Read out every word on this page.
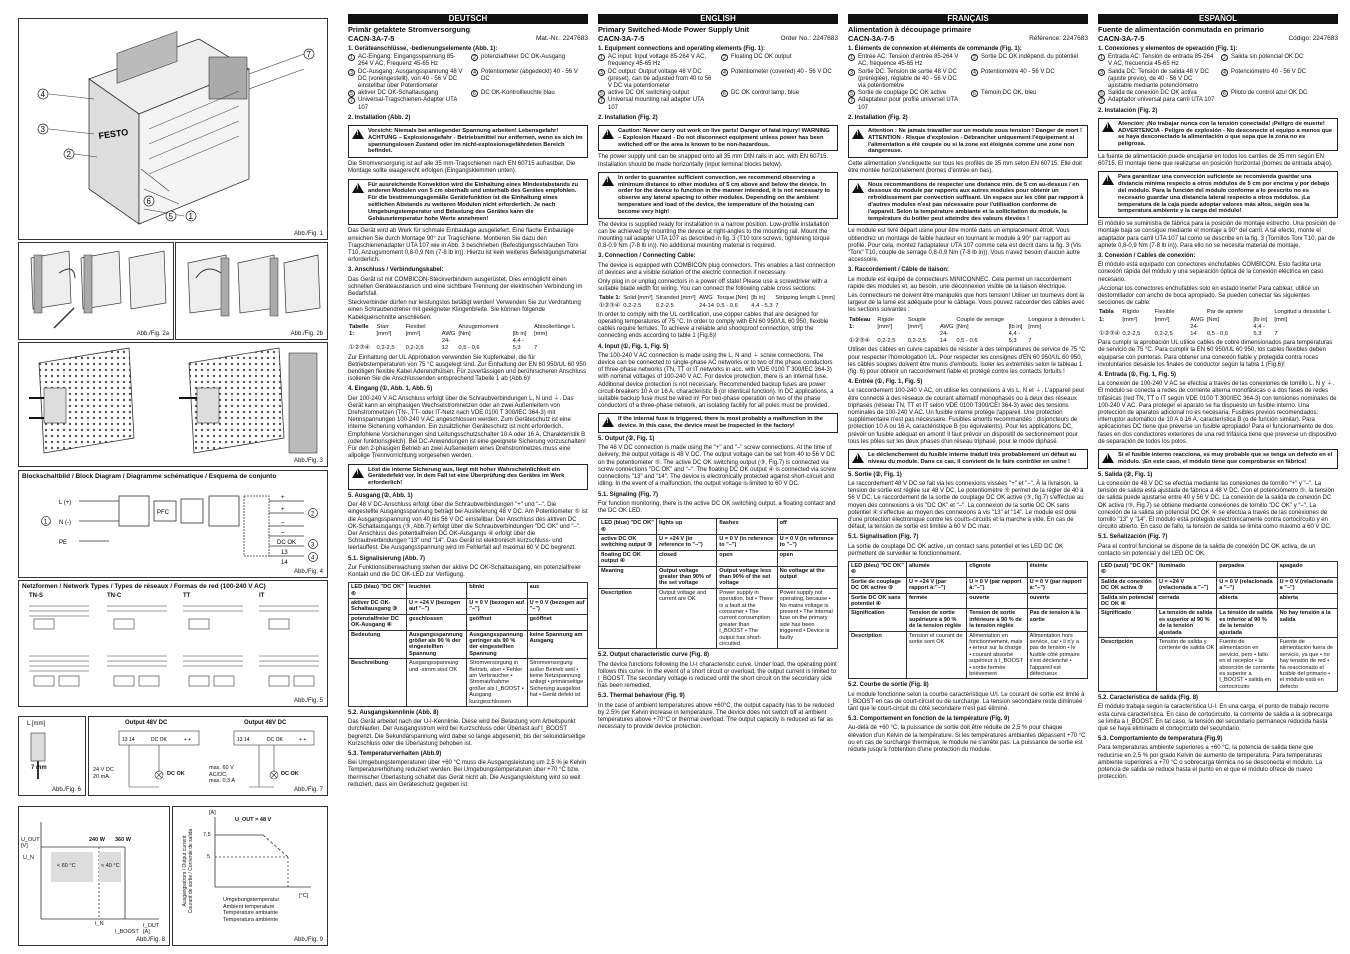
FESTO
4
3
2
6
5 1
7
Abb./Fig. 1
Abb./Fig. 2a	Abb./Fig. 2b
Abb./Fig. 3
Blockschaltbild / Block Diagram / Diagramme schématique / Esquema de conjunto
L (+)
N (-)
PE
1
PFC
+
+
–
–
DC OK
13
14
2
3
4
Abb./Fig. 4
Netzformen / Network Types / Types de réseaux / Formas de red (100-240 V AC)
TN-S	TN-C	TT	IT
Abb./Fig. 5
L [mm]
7 mm
Abb./Fig. 6
Output 48V DC	Output 48V DC
13 14	DC OK	+ +	13 14	DC OK	+ +
DC OK	DC OK
24 V DC
20 mA
max. 60 V
AC/DC,
max. 0,3 A
Abb./Fig. 7
U_OUT [V]
U_N
240 W 360 W
< 60 °C	< 40 °C
I_OUT [A]
I_N
I_BOOST
Abb./Fig. 8
Ausgangsstrom / Output current
Courant de sortie / Corriente de salida
[A]
U_OUT = 48 V
7,5
5
[°C]
Umgebungstemperatur
Ambient temperature
Température ambiante
Temperatura ambiente
Abb./Fig. 9
DEUTSCH
Primär getaktete Stromversorgung
CACN-3A-7-5	Mat.-Nr.: 2247683
1. Geräteanschlüsse, -bedienungselemente (Abb. 1):
1 AC-Eingang: Eingangsspannung 85-264 V AC, Frequenz 45-65 Hz
2 potenzialfreier DC OK-Ausgang
3 DC-Ausgang: Ausgangsspannung 48 V DC (voreingestellt), von 40 - 56 V DC einstellbar über Potentiometer
4 Potentiometer (abgedeckt) 40 - 56 V DC
5 aktiver DC OK-Schaltausgang	6 DC OK-Kontrollleuchte blau
7 Universal-Tragschienen-Adapter UTA 107
2. Installation (Abb. 2)
!
Vorsicht: Niemals bei anliegender Spannung arbeiten! Lebensgefahr! ACHTUNG – Explosionsgefahr - Betriebsmittel nur entfernen, wenn es sich im spannungslosen Zustand oder im nicht-explosionsgefährdeten Bereich befindet.

Die Stromversorgung ist auf alle 35 mm-Tragschienen nach EN 60715 aufrastbar. Die Montage sollte waagerecht erfolgen (Eingangsklemmen unten).

!
Für ausreichende Konvektion wird die Einhaltung eines Mindestabstands zu anderen Modulen von 5 cm oberhalb und unterhalb des Gerätes empfohlen. Für die bestimmungsgemäße Gerätefunktion ist die Einhaltung eines seitlichen Abstands zu weiteren Modulen nicht erforderlich. Je nach Umgebungstemperatur und Belastung des Gerätes kann die Gehäusetemperatur hohe Werte annehmen!

Das Gerät wird ab Werk für schmale Einbaulage ausgeliefert. Eine flache Einbaulage erreichen Sie durch Montage 90° zur Tragschiene. Montieren Sie dazu den Tragschienenadapter UTA 107 wie in Abb. 3 beschrieben (Befestigungsschrauben Torx T10, Anzugsmoment 0,8-0,9 Nm (7-8 lb in)). Hierzu ist kein weiteres Befestigungsmaterial erforderlich.

3. Anschluss / Verbindungskabel:

Das Gerät ist mit COMBICON-Steckverbindern ausgerüstet. Dies ermöglicht einen schnellen Geräteaustausch und eine sichtbare Trennung der elektrischen Verbindung im Bedarfsfall.

Steckverbinder dürfen nur leistungslos betätigt werden! Verwenden Sie zur Verdrahtung einen Schraubendreher mit geeigneter Klingenbreite. Sie können folgende Kabelquerschnitte anschließen:

Tabelle 1:	Starr [mm²]	Flexibel [mm²]	AWG	Anzugsmoment [Nm]	[lb in]	Abisolierlänge L [mm]
①②③④	0,2-2,5	0,2-2,5	24-12	0,5 - 0,6	4,4 - 5,3	7

Zur Einhaltung der UL Approbation verwenden Sie Kupferkabel, die für Betriebstemperaturen von 75 °C ausgelegt sind. Zur Einhaltung der EN 60 950/UL 60 950 benötigen flexible Kabel Aderendhülsen. Für zuverlässigen und berührsicheren Anschluss isolieren Sie die Anschlussenden entsprechend Tabelle 1 ab (Abb.6)!

4. Eingang (①, Abb. 1, Abb. 5)

Der 100-240 V AC Anschluss erfolgt über die Schraubverbindungen L, N und ⏚. Das Gerät kann an einphasigen Wechselstromnetzen oder an zwei Außenleitern von Drehstromnetzen (TN-, TT- oder IT-Netz nach VDE 0100 T 300/IEC 364-3) mit Nennspannungen 100-240 V AC angeschlossen werden. Zum Geräteschutz ist eine interne Sicherung vorhanden. Ein zusätzlicher Geräteschutz ist nicht erforderlich. Empfohlene Vorsicherungen sind Leitungsschutzschalter 10 A oder 16 A, Charakteristik B (oder funktionsgleich). Bei DC-Anwendungen ist eine geeignete Sicherung vorzuschalten! Für den 2-phasigen Betrieb an zwei Außenleitern eines Drehstromnetzes muss eine allpolige Trennvorrichtung vorgesehen werden.

!
Löst die interne Sicherung aus, liegt mit hoher Wahrscheinlichkeit ein Gerätedefekt vor. In dem Fall ist eine Überprüfung des Gerätes im Werk erforderlich!
5. Ausgang (②, Abb. 1)

Der 48 V DC-Anschluss erfolgt über die Schraubverbindungen "+" und "–". Die eingestellte Ausgangsspannung beträgt bei Auslieferung 48 V DC. Am Potentiometer ⑤ ist die Ausgangsspannung von 40 bis 56 V DC einstellbar. Der Anschluss des aktiven DC OK-Schaltausgangs (③, Abb.7) erfolgt über die Schraubverbindungen "DC OK" und "–". Der Anschluss des potentialfreien DC OK-Ausgangs ④ erfolgt über die Schraubverbindungen "13" und "14". Das Gerät ist elektronisch kurzschluss- und leerlauffest. Die Ausgangsspannung wird im Fehlerfall auf maximal 60 V DC begrenzt.

5.1. Signalisierung (Abb. 7)

Zur Funktionsüberwachung stehen der aktive DC OK-Schaltausgang, ein potenzialfreier Kontakt und die DC OK-LED zur Verfügung.

LED (blau) "DC OK" ⑥	leuchtet	blinkt	aus
aktiver DC OK-Schaltausgang ③	U = +24 V (bezogen auf "–")	U = 0 V (bezogen auf "–")	U = 0 V (bezogen auf "–")
potenzialfreier DC OK-Ausgang ④	geschlossen	geöffnet	geöffnet
Bedeutung	Ausgangsspannung größer als 90 % der eingestellten Spannung	Ausgangsspannung geringer als 90 % der eingestellten Spannung	keine Spannung am Ausgang
Beschreibung	Ausgangsspannung und -strom sind OK	Stromversorgung in Betrieb, aber • Fehler am Verbraucher • Stromaufnahme größer als I_BOOST • Ausgang kurzgeschlossen	Stromversorgung außer Betrieb weil • keine Netzspannung anliegt • primärseitige Sicherung ausgelöst hat • Gerät defekt ist
5.2. Ausgangskennlinie (Abb. 8)

Das Gerät arbeitet nach der U-I-Kennlinie. Diese wird bei Belastung vom Arbeitspunkt durchlaufen. Der Ausgangsstrom wird bei Kurzschluss oder Überlast auf I_BOOST begrenzt. Die Sekundärspannung wird dabei so lange abgesenkt, bis der sekundärseitige Kurzschluss oder die Überlastung behoben ist.

5.3. Temperaturverhalten (Abb.9)

Bei Umgebungstemperaturen über +60 °C muss die Ausgangsleistung um 2,5 % je Kelvin Temperaturerhöhung reduziert werden. Bei Umgebungstemperaturen über +70 °C bzw. thermischer Überlastung schaltet das Gerät nicht ab. Die Ausgangsleistung wird so weit reduziert, dass ein Geräteschutz gegeben ist.

ENGLISH
Primary Switched-Mode Power Supply Unit
CACN-3A-7-5	Order No.: 2247683
1. Equipment connections and operating elements (Fig. 1):
1 AC input: Input voltage 85-264 V AC, frequency 45-65 Hz
2 Floating DC OK output
3 DC output: Output voltage 48 V DC (preset), can be adjusted from 40 to 56 V DC via potentiometer
4 Potentiometer (covered) 40 - 56 V DC
5 active DC OK switching output	6 DC OK control lamp, blue
7 Universal mounting rail adapter UTA 107
2. Installation (Fig. 2)
!
Caution: Never carry out work on live parts! Danger of fatal injury! WARNING – Explosion Hazard - Do not disconnect equipment unless power has been switched off or the area is known to be non-hazardous.

The power supply unit can be snapped onto all 35 mm DIN rails in acc. with EN 60715. Installation should be made horizontally (input terminal blocks below).

!
In order to guarantee sufficient convection, we recommend observing a minimum distance to other modules of 5 cm above and below the device. In order for the device to function in the manner intended, it is not necessary to observe any lateral spacing to other modules. Depending on the ambient temperature and load of the device, the temperature of the housing can become very high!

The device is supplied ready for installation in a narrow position. Low-profile installation can be achieved by mounting the device at right-angles to the mounting rail. Mount the mounting rail adapter UTA 107 as described in fig. 3 (T10 torx screws, tightening torque 0.8-0.9 Nm (7-8 lb in)). No additional mounting material is required.

3. Connection / Connecting Cable:

The device is equipped with COMBICON plug connectors. This enables a fast connection of devices and a visible isolation of the electric connection if necessary.

Only plug in or unplug connectors in a power off state! Please use a screwdriver with a suitable blade width for wiring. You can connect the following cable cross sections:

Table 1:	Solid [mm²]	Stranded [mm²]	AWG	Torque [Nm]	[lb in]	Stripping length L [mm]
①②③④	0.2-2.5	0.2-2.5	24-14	0.5 - 0.6	4.4 - 5.3	7

In order to comply with the UL certification, use copper cables that are designed for operating temperatures of 75 °C. In order to comply with EN 60 950/UL 60 950, flexible cables require ferrules. To achieve a reliable and shockproof connection, strip the connecting ends according to table 1 (Fig.6)!

4. Input (①, Fig. 1, Fig. 5)

The 100-240 V AC connection is made using the L, N and ⏚ screw connections. The device can be connected to single-phase AC networks or to two of the phase conductors of three-phase networks (TN, TT or IT networks in acc. with VDE 0100 T 300/IEC 364-3) with nominal voltages of 100-240 V AC. For device protection, there is an internal fuse. Additional device protection is not necessary. Recommended backup fuses are power circuit-breakers 10 A or 16 A, characteristic B (or identical function). In DC applications, a suitable backup fuse must be wired in! For two-phase operation on two of the phase conductors of a three-phase network, an isolating facility for all poles must be provided.

!
If the internal fuse is triggered, there is most probably a malfunction in the device. In this case, the device must be inspected in the factory!
5. Output (②, Fig. 1)

The 48 V DC connection is made using the "+" and "–" screw connections. At the time of delivery, the output voltage is 48 V DC. The output voltage can be set from 40 to 56 V DC on the potentiometer ⑤. The active DC OK switching output (③, Fig.7) is connected via screw connections "DC OK" and "–". The floating DC OK output ④ is connected via screw connections "13" and "14". The device is electronically protected against short-circuit and idling. In the event of a malfunction, the output voltage is limited to 60 V DC.

5.1. Signaling (Fig. 7)

For function monitoring, there is the active DC OK switching output, a floating contact and the DC OK LED.

LED (blue) "DC OK" ⑥	lights up	flashes	off
active DC OK switching output ③	U = +24 V (in reference to "–")	U = 0 V (in reference to "–")	U = 0 V (in reference to "–")
floating DC OK output ④	closed	open	open
Meaning	Output voltage greater than 90% of the set voltage	Output voltage less than 90% of the set voltage	No voltage at the output
Description	Output voltage and current are OK	Power supply in operation, but • There is a fault at the consumer • The current consumption greater than I_BOOST • The output has short-circuited	Power supply not operating, because • No mains voltage is present • The internal fuse on the primary side has been triggered • Device is faulty
5.2. Output characteristic curve (Fig. 8)

The device functions following the U-I characteristic curve. Under load, the operating point follows this curve. In the event of a short circuit or overload, the output current is limited to I_BOOST. The secondary voltage is reduced until the short circuit on the secondary side has been remedied.

5.3. Thermal behaviour (Fig. 9)

In the case of ambient temperatures above +60°C, the output capacity has to be reduced by 2.5% per Kelvin increase in temperature. The device does not switch off at ambient temperatures above +70°C or thermal overload. The output capacity is reduced as far as necessary to provide device protection.

FRANÇAIS
Alimentation à découpage primaire
CACN-3A-7-5	Référence: 2247683
1. Éléments de connexion et éléments de commande (Fig. 1):
1 Entrée AC: Tension d'entrée 85-264 V AC, fréquence 45-65 Hz
2 Sortie DC OK indépend. du potentiel
3 Sortie DC: Tension de sortie 48 V DC (préréglée), réglable de 40 - 56 V DC via potentiomètre
4 Potentiomètre 40 - 56 V DC
5 Sortie de couplage DC OK active	6 Témoin DC OK, bleu
7 Adaptateur pour profilé universel UTA 107
2. Installation (Fig. 2)
!
Attention : Ne jamais travailler sur un module sous tension ! Danger de mort ! ATTENTION - Risque d'explosion - Débrancher uniquement l'équipement si l'alimentation a été coupée ou si la zone est éloignée comme une zone non dangereuse.

Cette alimentation s'encliquette sur tous les profilés de 35 mm selon EN 60715. Elle doit être montée horizontalement (bornes d'entrée en bas).

!
Nous recommandons de respecter une distance min. de 5 cm au-dessus / en dessous du module par rapports aux autres modules pour obtenir un refroidissement par convection suffisant. Un espace sur les côté par rapport à d'autres modules n'est pas nécessaire pour l'utilisation conforme de l'appareil. Selon la température ambiante et la sollicitation du module, la température du boîtier peut atteindre des valeurs élevées !

Le module est livré départ usine pour être monté dans un emplacement étroit. Vous obtiendrez un montage de faible hauteur en tournant le module à 90° par rapport au profilé. Pour cela, montez l'adaptateur UTA 107 comme cela est décrit dans la fig. 3 (Vis "Torx" T10, couple de serrage 0,8-0,9 Nm (7-8 lb in)). Vous n'avez besoin d'aucun autre accessoire.

3. Raccordement / Câble de liaison:

Le module est équipé de connecteurs MINICONNEC. Cela permet un raccordement rapide des modules et, au besoin, une déconnexion visible de la liaison électrique.

Les connecteurs ne doivent être manipulés que hors tension! Utiliser un tournevis dont la largeur de la lame est adéquate pour le câblage. Vous pouvez raccorder des câbles avec les sections suivantes :

Tableau 1:	Rigide [mm²]	Souple [mm²]	AWG	Couple de serrage [Nm]	[lb in]	Longueur à dénuder L [mm]
①②③④	0,2-2,5	0,2-2,5	24-14	0,5 - 0,6	4,4 - 5,3	7

Utiliser des câbles en cuivre capables de résister à des températures de service de 75 °C pour respecter l'homologation UL. Pour respecter les consignes d'EN 60 950/UL 60 950, les câbles souples doivent être munis d'embouts. Isoler les extrémités selon le tableau 1 (fig. 6) pour obtenir un raccordement fiable et protégé contre les contacts fortuits !

4. Entrée (①, Fig. 1, Fig. 5)

Le raccordement 100-240 V AC, on utilise les connexions à vis L, N et ⏚. L'appareil peut être connecté à des réseaux de courant alternatif monophasés ou à deux des réseaux triphasés (réseau TN, TT et IT selon VDE 0100 T300/CEI 364-3) avec des tensions nominales de 100-240 V AC. Un fusible interne protège l'appareil. Une protection supplémentaire n'est pas nécessaire. Fusibles amonts recommandés : disjoncteurs de protection 10 A ou 16 A, caractéristique B (ou équivalents). Pour les applications DC, prévoir un fusible adéquat en amont! Il faut prévoir un dispositif de sectionnement pour tous les pôles sur les deux phases d'un réseau triphasé, pour le mode diphasé.

!
Le déclenchement du fusible interne traduit très probablement un défaut au niveau du module. Dans ce cas, il convient de le faire contrôler en usine !
5. Sortie (②, Fig. 1)

Le raccordement 48 V DC se fait via les connexions vissées "+" et "–". À la livraison, la tension de sortie est réglée sur 48 V DC. Le potentiomètre ⑤ permet de la régler de 40 à 56 V DC. Le raccordement de la sortie de couplage DC OK active (③, fig.7) s'effectue au moyen des connexions à vis "DC OK" et "–". La connexion de la sortie DC OK sans potentiel ④ s'effectue au moyen des connexions à vis "13" et "14". Le module est doté d'une protection électronique contre les courts-circuits et la marche à vide. En cas de défaut, la tension de sortie est limitée à 60 V DC max.

5.1. Signalisation (Fig. 7)

La sortie de couplage DC OK active, un contact sans potentiel et les LED DC OK permettent de surveiller le fonctionnement.

LED (bleu) "DC OK" ⑥	allumée	clignote	éteinte
Sortie de couplage DC OK active ③	U = +24 V (par rapport à:"–")	U = 0 V (par rapport à:"–")	U = 0 V (par rapport à:"–")
Sortie DC OK sans potentiel ④	fermée	ouverte	ouverte
Signification	Tension de sortie supérieure à 90 % de la tension réglée	Tension de sortie inférieure à 90 % de la tension réglée	Pas de tension à la sortie
Description	Tension et courant de sortie sont OK	Alimentation en fonctionnement, mais • erreur sur la charge • courant absorbé supérieur à I_BOOST • sortie fermée brièvement	Alimentation hors service, car • il n'y a pas de tension • le fusible côté primaire s'est déclenché • l'appareil est défectueux
5.2. Courbe de sortie (Fig. 8)

Le module fonctionne selon la courbe caractéristique U/I. Le courant de sortie est limité à I_BOOST en cas de court-circuit ou de surcharge. La tension secondaire reste diminuée tant que le court-circuit du côté secondaire n'est pas éliminé.

5.3. Comportement en fonction de la température (Fig. 9)

Au-delà de +60 °C, la puissance de sortie doit être réduite de 2,5 % pour chaque élévation d'un Kelvin de la température. Si les températures ambiantes dépassent +70 °C ou en cas de surcharge thermique, le module ne s'arrête pas. La puissance de sortie est réduite jusqu'à l'obtention d'une protection du module.

ESPAÑOL
Fuente de alimentación conmutada en primario
CACN-3A-7-5	Código: 2247683
1. Conexiones y elementos de operación (Fig. 1):
1 Entrada AC: Tensión de entrada 85-264 V AC, frecuencia 45-65 Hz
2 Salida sin potencial OK DC
3 Salida DC: Tensión de salida 48 V DC (ajuste previo), de 40 - 56 V DC ajustable mediante potenciómetro
4 Potenciómetro 40 - 56 V DC
5 Salida de conexión DC OK activa	6 Piloto de control azul OK DC
7 Adaptador universal para carril UTA 107
2. Instalación (Fig. 2)
!
Atención: ¡No trabajar nunca con la tensión conectada! ¡Peligro de muerte! ADVERTENCIA - Peligro de explosión - No desconecte el equipo a menos que se haya desconectado la alimentación o que sepa que la zona no es peligrosa.

La fuente de alimentación puede encajarse en todos los carriles de 35 mm según EN 60715. El montaje tiene que realizarse en posición horizontal (bornes de entrada abajo).

!
Para garantizar una convección suficiente se recomienda guardar una distancia mínima respecto a otros módulos de 5 cm por encima y por debajo del módulo. Para la función del módulo conforme a lo prescrito no es necesario guardar una distancia lateral respecto a otros módulos. ¡La temperatura de la caja puede adoptar valores más altos, según sea la temperatura ambiente y la carga del módulo!

El módulo se suministra de fábrica para la posición de montaje estrecho. Una posición de montaje baja se consigue mediante el montaje a 90° del carril. A tal efecto, monte el adaptador para carril UTA 107 tal como se describe en la fig. 3 (Tornillos Torx T10, par de apriete 0,8-0,9 Nm (7-8 lb in)). Para ello no se necesita material de montaje.

3. Conexión / Cables de conexión:

El módulo está equipado con conectores enchufables COMBICON. Esto facilita una conexión rápida del módulo y una separación óptica de la conexión eléctrica en caso necesario.

¡Accionar los conectores enchufables solo en estado inerte! Para cablear, utilice un destornillador con ancho de boca apropiado. Se pueden conectar las siguientes secciones de cable:

Tabla 1:	Rígido [mm²]	Flexible [mm²]	AWG	Par de apriete [Nm]	[lb in]	Longitud a desaislar L [mm]
①②③④	0,2-2,5	0,2-2,5	24-14	0,5 - 0,6	4,4 - 5,3	7

Para cumplir la aprobación UL utilice cables de cobre dimensionados para temperaturas de servicio de 75 °C. Para cumplir la EN 60 950/UL 60 950, los cables flexibles deben equiparse con punteras. Para obtener una conexión fiable y protegida contra roces involuntarios desaisle los finales de conductor según la tabla 1 (Fig.6)!

4. Entrada (①, Fig. 1, Fig. 5)

La conexión de 100-240 V AC se efectúa a través de las conexiones de tornillo L, N y ⏚. El módulo se conecta a redes de corriente alterna monofásicas o a dos fases de redes trifásicas (red TN, TT o IT según VDE 0100 T 300/IEC 364-3) con tensiones nominales de 100-240 V AC. Para proteger el aparato se ha dispuesto un fusible interno. Una protección de aparatos adicional no es necesaria. Fusibles previos recomendados: interruptor automático de 10 A ó 16 A, característica B (o de función similar). Para aplicaciones DC tiene que preverse un fusible apropiado! Para el funcionamiento de dos fases en dos conductores exteriores de una red trifásica tiene que preverse un dispositivo de separación de todos los polos.

!
Si el fusible interno reacciona, es muy probable que se tenga un defecto en el módulo. ¡En este caso, el módulo tiene que comprobarse en fábrica!
5. Salida (②, Fig. 1)

La conexión de 48 V DC se efectúa mediante las conexiones de tornillo "+" y "–". La tensión de salida está ajustada de fábrica a 48 V DC. Con el potenciómetro ⑤, la tensión de salida puede ajustarse entre 40 y 56 V DC. La conexión de la salida de conexión DC OK activa (③, Fig.7) se obtiene mediante conexiones de tornillo "DC OK" y "–". La conexión de la salida sin potencial DC OK ④ se efectúa a través de las conexiones de tornillo "13" y "14". El módulo está protegido electrónicamente contra cortocircuito y en circuito abierto. En caso de fallo, la tensión de salida se limita como máximo a 60 V DC.

5.1. Señalización (Fig. 7)

Para el control funcional se dispone de la salida de conexión DC OK activa, de un contacto sin potencial y del LED DC OK.

LED (azul) "DC OK" ⑥	iluminado	parpadea	apagado
Salida de conexión DC OK activa ③	U = +24 V (relacionada a "–")	U = 0 V (relacionada a "–")	U = 0 V (relacionada a "–")
Salida sin potencial DC OK ④	cerrada	abierta	abierta
Significado	La tensión de salida es superior al 90 % de la tensión ajustada	La tensión de salida es inferior al 90 % de la tensión ajustada	No hay tensión a la salida
Descripción	Tensión de salida y corriente de salida OK	Fuente de alimentación en servicio, pero • fallo en el receptor • la absorción de corriente es superior a I_BOOST • salida en cortocircuito	Fuente de alimentación fuera de servicio, ya que • no hay tensión de red • ha reaccionado el fusible del primario • el módulo está en defecto
5.2. Característica de salida (Fig. 8)

El módulo trabaja según la característica U-I. En una carga, el punto de trabajo recorre esta curva característica. En caso de cortocircuito, la corriente de salida a la sobrecarga se limita a I_BOOST. En tal caso, la tensión del secundario permanece reducida hasta que se haya eliminado el cortocircuito del secundario.

5.3. Comportamiento de temperatura (Fig.9)

Para temperaturas ambiente superiores a +60 °C, la potencia de salida tiene que reducirse en 2,5 % por grado Kelvin de aumento de temperatura. Para temperaturas ambiente superiores a +70 °C o sobrecarga térmica no se desconecta el módulo. La potencia de salida se reduce hasta el punto en el que el módulo ofrece de nuevo protección.
